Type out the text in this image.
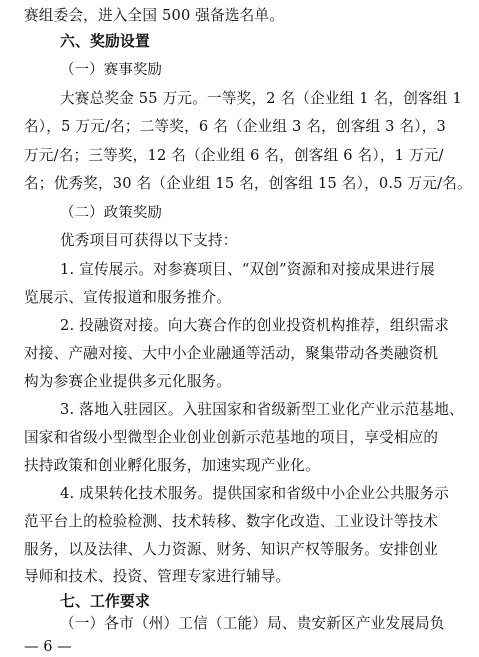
赛组委会，进入全国 500 强备选名单。
六、奖励设置
（一）赛事奖励
大赛总奖金 55 万元。一等奖，2 名（企业组 1 名，创客组 1
名），5 万元/名；二等奖，6 名（企业组 3 名，创客组 3 名），3
万元/名；三等奖，12 名（企业组 6 名，创客组 6 名），1 万元/
名；优秀奖，30 名（企业组 15 名，创客组 15 名），0.5 万元/名。
（二）政策奖励
优秀项目可获得以下支持：
1. 宣传展示。对参赛项目、“双创”资源和对接成果进行展
览展示、宣传报道和服务推介。
2. 投融资对接。向大赛合作的创业投资机构推荐，组织需求
对接、产融对接、大中小企业融通等活动，聚集带动各类融资机
构为参赛企业提供多元化服务。
3. 落地入驻园区。入驻国家和省级新型工业化产业示范基地、
国家和省级小型微型企业创业创新示范基地的项目，享受相应的
扶持政策和创业孵化服务，加速实现产业化。
4. 成果转化技术服务。提供国家和省级中小企业公共服务示
范平台上的检验检测、技术转移、数字化改造、工业设计等技术
服务，以及法律、人力资源、财务、知识产权等服务。安排创业
导师和技术、投资、管理专家进行辅导。
七、工作要求
（一）各市（州）工信（工能）局、贵安新区产业发展局负
— 6 —
